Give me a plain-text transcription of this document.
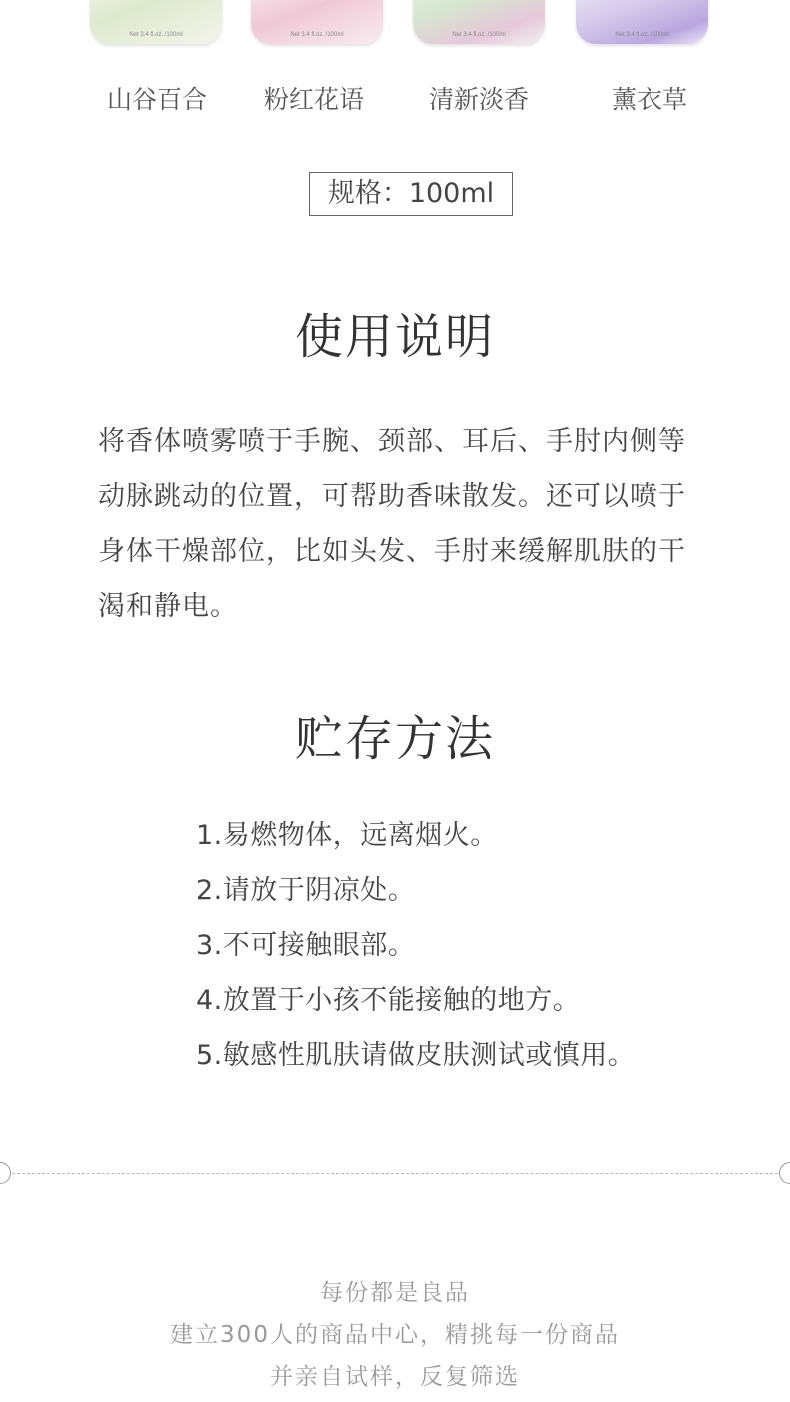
Net 3.4 fl.oz. /100ml	Net 3.4 fl.oz. /100ml	Net 3.4 fl.oz. /100ml	Net 3.4 fl.oz. /100ml
山谷百合 粉红花语	清新淡香	薰衣草
规格：100ml
使用说明

将香体喷雾喷于手腕、颈部、耳后、手肘内侧等动脉跳动的位置，可帮助香味散发。还可以喷于身体干燥部位，比如头发、手肘来缓解肌肤的干渴和静电。

贮存方法
1.易燃物体，远离烟火。
2.请放于阴凉处。
3.不可接触眼部。
4.放置于小孩不能接触的地方。
5.敏感性肌肤请做皮肤测试或慎用。
每份都是良品
建立300人的商品中心，精挑每一份商品
并亲自试样，反复筛选
